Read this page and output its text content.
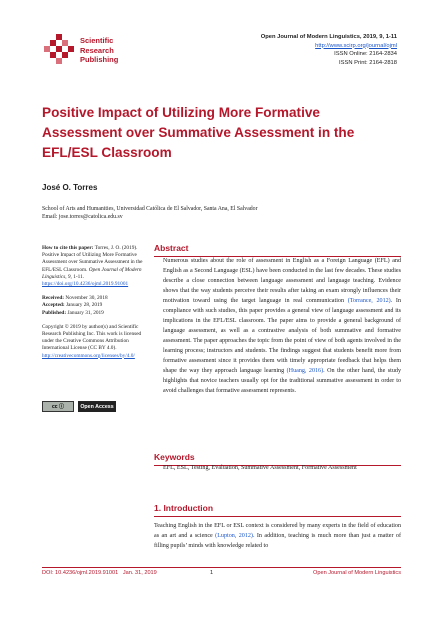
Scientific
Research
Publishing
Open Journal of Modern Linguistics, 2019, 9, 1-11
http://www.scirp.org/journal/ojml
ISSN Online: 2164-2834
ISSN Print: 2164-2818
Positive Impact of Utilizing More Formative Assessment over Summative Assessment in the EFL/ESL Classroom
José O. Torres
School of Arts and Humanities, Universidad Católica de El Salvador, Santa Ana, El Salvador
Email: jose.torres@catolica.edu.sv
How to cite this paper: Torres, J. O. (2019). Positive Impact of Utilizing More Formative Assessment over Summative Assessment in the EFL/ESL Classroom. Open Journal of Modern Linguistics, 9, 1-11.
https://doi.org/10.4236/ojml.2019.91001
Received: November 30, 2018
Accepted: January 28, 2019
Published: January 31, 2019
Copyright © 2019 by author(s) and Scientific Research Publishing Inc. This work is licensed under the Creative Commons Attribution International License (CC BY 4.0).
http://creativecommons.org/licenses/by/4.0/
cc ⓘ	Open Access
Abstract
Numerous studies about the role of assessment in English as a Foreign Language (EFL) and English as a Second Language (ESL) have been conducted in the last few decades. These studies describe a close connection between language assessment and language teaching. Evidence shows that the way students perceive their results after taking an exam strongly influences their motivation toward using the target language in real communication (Torrance, 2012). In compliance with such studies, this paper provides a general view of language assessment and its implications in the EFL/ESL classroom. The paper aims to provide a general background of language assessment, as well as a contrastive analysis of both summative and formative assessment. The paper approaches the topic from the point of view of both agents involved in the learning process; instructors and students. The findings suggest that students benefit more from formative assessment since it provides them with timely appropriate feedback that helps them shape the way they approach language learning (Huang, 2016). On the other hand, the study highlights that novice teachers usually opt for the traditional summative assessment in order to avoid challenges that formative assessment represents.
Keywords
EFL, ESL, Testing, Evaluation, Summative Assessment, Formative Assessment
1. Introduction
Teaching English in the EFL or ESL context is considered by many experts in the field of education as an art and a science (Lupton, 2012). In addition, teaching is much more than just a matter of filling pupils’ minds with knowledge related to
DOI: 10.4236/ojml.2019.91001 Jan. 31, 2019	1	Open Journal of Modern Linguistics
